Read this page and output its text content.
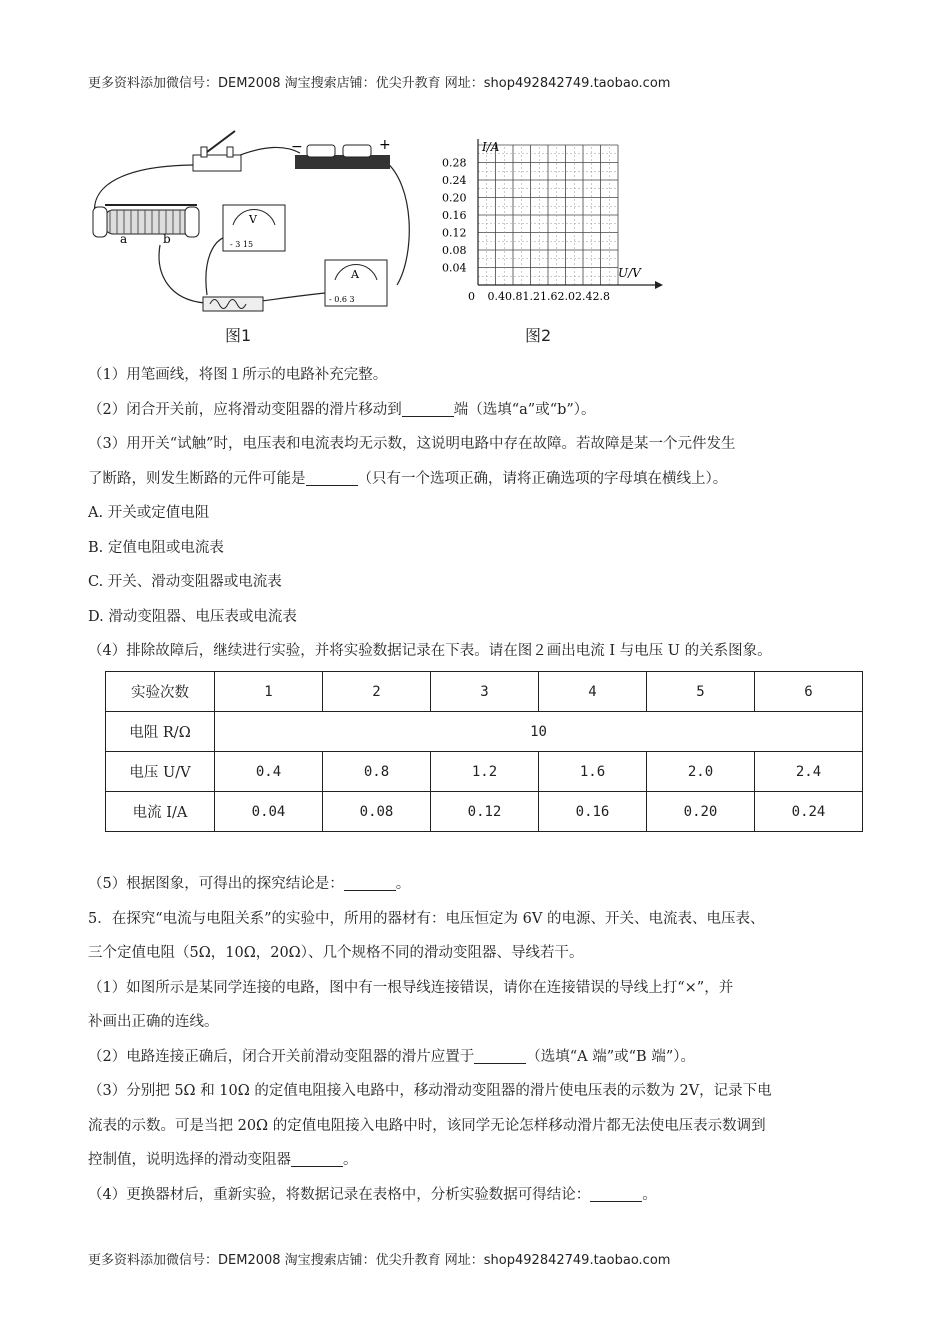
更多资料添加微信号：DEM2008 淘宝搜索店铺：优尖升教育 网址：shop492842749.taobao.com
−	+
a	b
V
- 3 15
A
- 0.6 3
图1
I/A
U/V
0.28
0.24
0.20
0.16
0.12
0.08
0.04
0 0.4 0.8 1.2 1.6 2.0 2.4 2.8
图2
（1）用笔画线，将图１所示的电路补充完整。
（2）闭合开关前，应将滑动变阻器的滑片移动到	端（选填“a”或“b”）。
（3）用开关“试触”时，电压表和电流表均无示数，这说明电路中存在故障。若故障是某一个元件发生
了断路，则发生断路的元件可能是	（只有一个选项正确，请将正确选项的字母填在横线上）。
A. 开关或定值电阻
B. 定值电阻或电流表
C. 开关、滑动变阻器或电流表
D. 滑动变阻器、电压表或电流表
（4）排除故障后，继续进行实验，并将实验数据记录在下表。请在图２画出电流 I 与电压 U 的关系图象。
实验次数	1	2	3	4	5	6
电阻 R/Ω	10					
电压 U/V	0.4	0.8	1.2	1.6	2.0	2.4
电流 I/A	0.04	0.08	0.12	0.16	0.20	0.24
（5）根据图象，可得出的探究结论是：	。
5．在探究“电流与电阻关系”的实验中，所用的器材有：电压恒定为 6V 的电源、开关、电流表、电压表、
三个定值电阻（5Ω，10Ω，20Ω）、几个规格不同的滑动变阻器、导线若干。
（1）如图所示是某同学连接的电路，图中有一根导线连接错误，请你在连接错误的导线上打“×”，并
补画出正确的连线。
（2）电路连接正确后，闭合开关前滑动变阻器的滑片应置于	（选填“A 端”或“B 端”）。
（3）分别把 5Ω 和 10Ω 的定值电阻接入电路中，移动滑动变阻器的滑片使电压表的示数为 2V，记录下电
流表的示数。可是当把 20Ω 的定值电阻接入电路中时，该同学无论怎样移动滑片都无法使电压表示数调到
控制值，说明选择的滑动变阻器	。
（4）更换器材后，重新实验，将数据记录在表格中，分析实验数据可得结论：	。
更多资料添加微信号：DEM2008 淘宝搜索店铺：优尖升教育 网址：shop492842749.taobao.com
